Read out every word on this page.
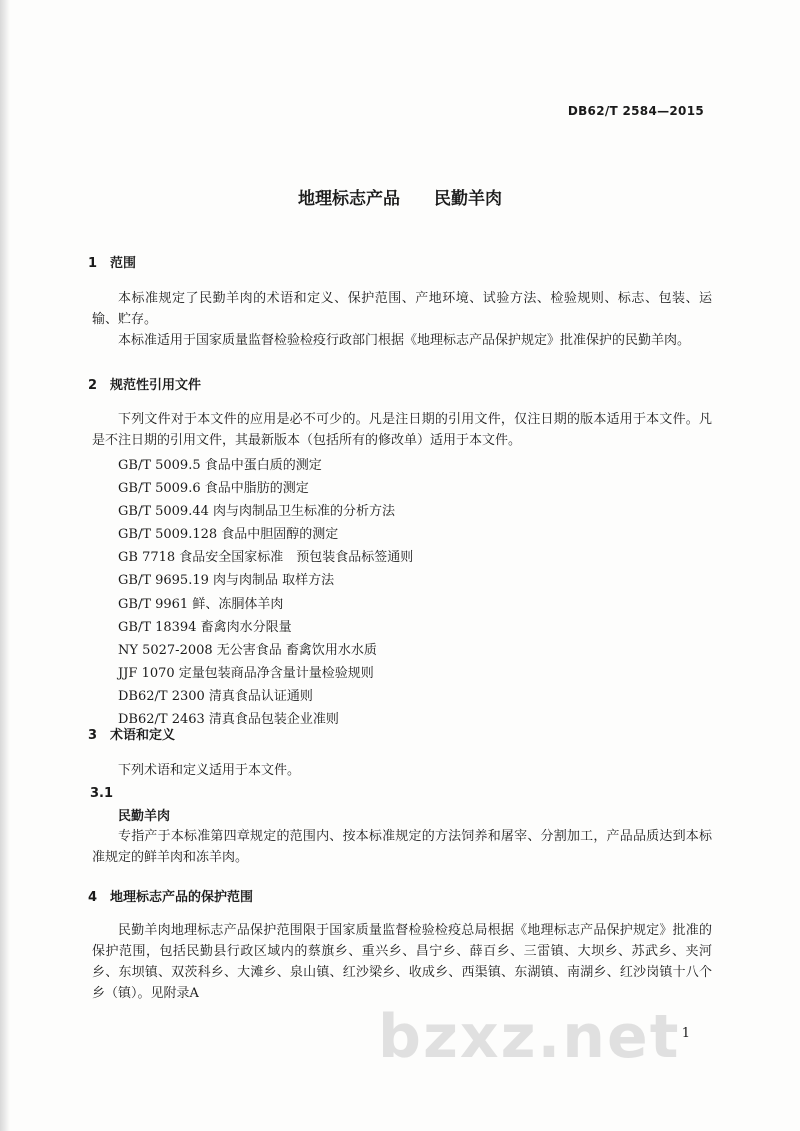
DB62/T 2584—2015
地理标志产品　　民勤羊肉
1 范围
本标准规定了民勤羊肉的术语和定义、保护范围、产地环境、试验方法、检验规则、标志、包装、运输、贮存。
本标准适用于国家质量监督检验检疫行政部门根据《地理标志产品保护规定》批准保护的民勤羊肉。
2 规范性引用文件
下列文件对于本文件的应用是必不可少的。凡是注日期的引用文件，仅注日期的版本适用于本文件。凡是不注日期的引用文件，其最新版本（包括所有的修改单）适用于本文件。
GB/T 5009.5 食品中蛋白质的测定
GB/T 5009.6 食品中脂肪的测定
GB/T 5009.44 肉与肉制品卫生标准的分析方法
GB/T 5009.128 食品中胆固醇的测定
GB 7718 食品安全国家标准　预包装食品标签通则
GB/T 9695.19 肉与肉制品 取样方法
GB/T 9961 鲜、冻胴体羊肉
GB/T 18394 畜禽肉水分限量
NY 5027-2008 无公害食品 畜禽饮用水水质
JJF 1070 定量包装商品净含量计量检验规则
DB62/T 2300 清真食品认证通则
DB62/T 2463 清真食品包装企业准则
3 术语和定义
下列术语和定义适用于本文件。
3.1
民勤羊肉
专指产于本标准第四章规定的范围内、按本标准规定的方法饲养和屠宰、分割加工，产品品质达到本标准规定的鲜羊肉和冻羊肉。
4 地理标志产品的保护范围
民勤羊肉地理标志产品保护范围限于国家质量监督检验检疫总局根据《地理标志产品保护规定》批准的保护范围，包括民勤县行政区域内的蔡旗乡、重兴乡、昌宁乡、薛百乡、三雷镇、大坝乡、苏武乡、夹河乡、东坝镇、双茨科乡、大滩乡、泉山镇、红沙梁乡、收成乡、西渠镇、东湖镇、南湖乡、红沙岗镇十八个乡（镇）。见附录A
bzxz.net 1
